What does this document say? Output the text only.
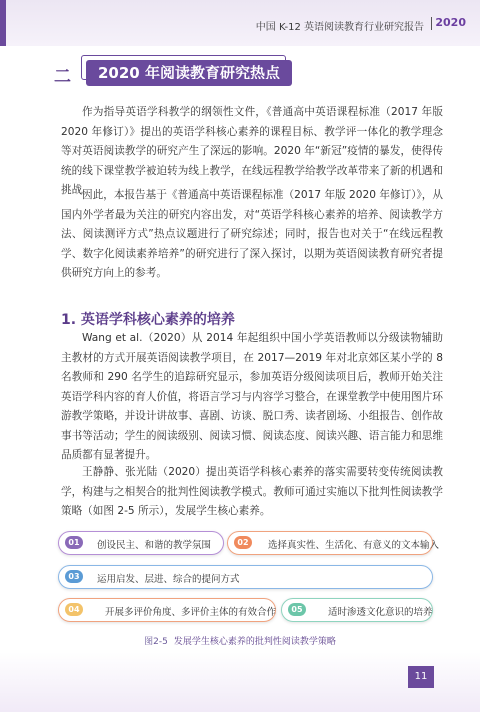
中国 K-12 英语阅读教育行业研究报告 2020
二	2020 年阅读教育研究热点
作为指导英语学科教学的纲领性文件，《普通高中英语课程标准（2017 年版 2020 年修订）》提出的英语学科核心素养的课程目标、教学评一体化的教学理念等对英语阅读教学的研究产生了深远的影响。2020 年“新冠”疫情的暴发，使得传统的线下课堂教学被迫转为线上教学，在线远程教学给教学改革带来了新的机遇和挑战。
因此，本报告基于《普通高中英语课程标准（2017 年版 2020 年修订）》，从国内外学者最为关注的研究内容出发，对“英语学科核心素养的培养、阅读教学方法、阅读测评方式”热点议题进行了研究综述；同时，报告也对关于“在线远程教学、数字化阅读素养培养”的研究进行了深入探讨，以期为英语阅读教育研究者提供研究方向上的参考。
1. 英语学科核心素养的培养
Wang et al.（2020）从 2014 年起组织中国小学英语教师以分级读物辅助主教材的方式开展英语阅读教学项目，在 2017—2019 年对北京郊区某小学的 8 名教师和 290 名学生的追踪研究显示，参加英语分级阅读项目后，教师开始关注英语学科内容的育人价值，将语言学习与内容学习整合，在课堂教学中使用图片环游教学策略，并设计讲故事、喜剧、访谈、脱口秀、读者剧场、小组报告、创作故事书等活动；学生的阅读级别、阅读习惯、阅读态度、阅读兴趣、语言能力和思维品质都有显著提升。
王静静、张光陆（2020）提出英语学科核心素养的落实需要转变传统阅读教学，构建与之相契合的批判性阅读教学模式。教师可通过实施以下批判性阅读教学策略（如图 2-5 所示），发展学生核心素养。
01	创设民主、和谐的教学氛围	02	选择真实性、生活化、有意义的文本输入
03	运用启发、层进、综合的提问方式
04	开展多评价角度、多评价主体的有效合作	05	适时渗透文化意识的培养
图2-5 发展学生核心素养的批判性阅读教学策略
11
